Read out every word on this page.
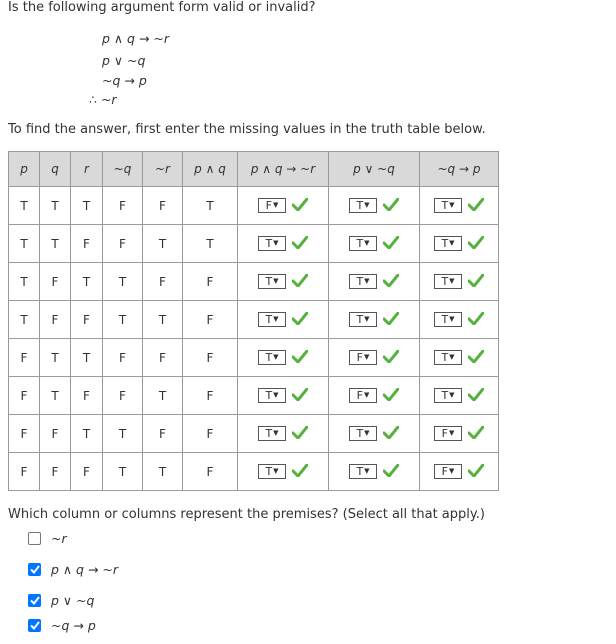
Is the following argument form valid or invalid?
p ∧ q → ~r
p ∨ ~q
~q → p
∴ ~r
To find the answer, first enter the missing values in the truth table below.
p	q	r	~q	~r	p ∧ q	p ∧ q → ~r	p ∨ ~q	~q → p
T	T	T	F	F	T	F ▼	T ▼	T ▼

T	T	F	F	T	T	T ▼	T ▼	T ▼

T	F	T	T	F	F	T ▼	T ▼	T ▼

T	F	F	T	T	F	T ▼	T ▼	T ▼

F	T	T	F	F	F	T ▼	F ▼	T ▼

F	T	F	F	T	F	T ▼	F ▼	T ▼

F	F	T	T	F	F	T ▼	T ▼	F ▼

F	F	F	T	T	F	T ▼	T ▼	F ▼
Which column or columns represent the premises? (Select all that apply.)
~r
p ∧ q → ~r
p ∨ ~q
~q → p
